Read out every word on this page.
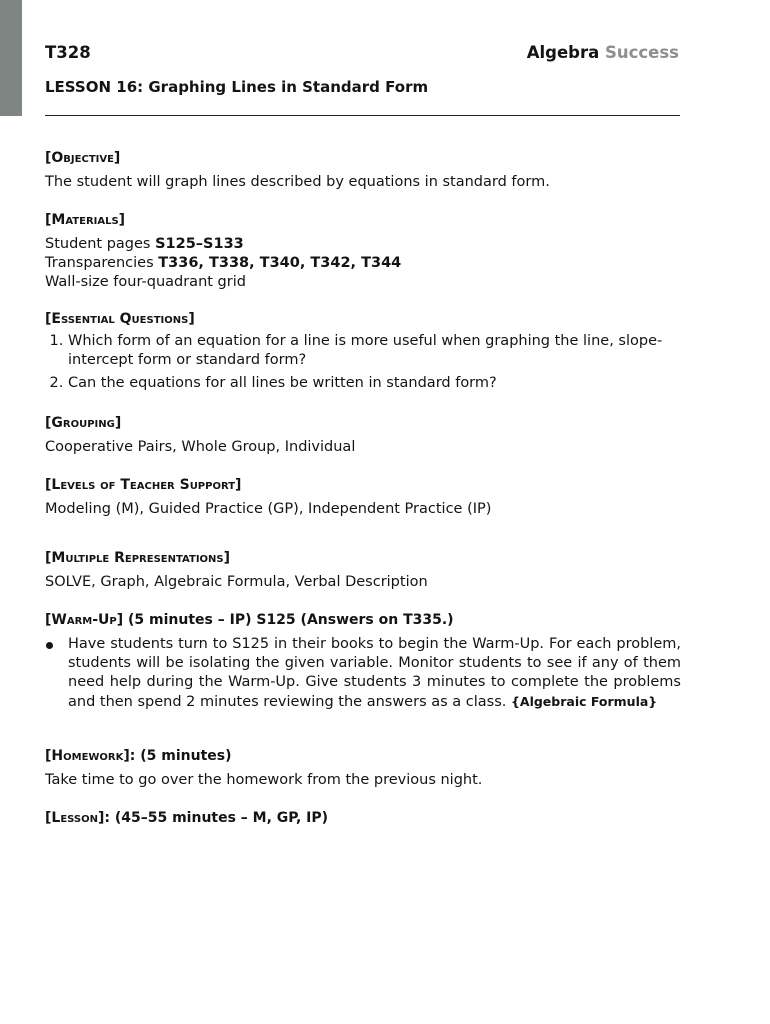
T328	Algebra Success
LESSON 16: Graphing Lines in Standard Form
[Objective]
The student will graph lines described by equations in standard form.
[Materials]
Student pages S125–S133
Transparencies T336, T338, T340, T342, T344
Wall-size four-quadrant grid
[Essential Questions]
1. Which form of an equation for a line is more useful when graphing the line, slope-intercept form or standard form?
2. Can the equations for all lines be written in standard form?
[Grouping]
Cooperative Pairs, Whole Group, Individual
[Levels of Teacher Support]
Modeling (M), Guided Practice (GP), Independent Practice (IP)
[Multiple Representations]
SOLVE, Graph, Algebraic Formula, Verbal Description
[Warm-Up] (5 minutes – IP) S125 (Answers on T335.)
Have students turn to S125 in their books to begin the Warm-Up. For each problem, students will be isolating the given variable. Monitor students to see if any of them need help during the Warm-Up. Give students 3 minutes to complete the problems and then spend 2 minutes reviewing the answers as a class. {Algebraic Formula}
[Homework]: (5 minutes)
Take time to go over the homework from the previous night.
[Lesson]: (45–55 minutes – M, GP, IP)
